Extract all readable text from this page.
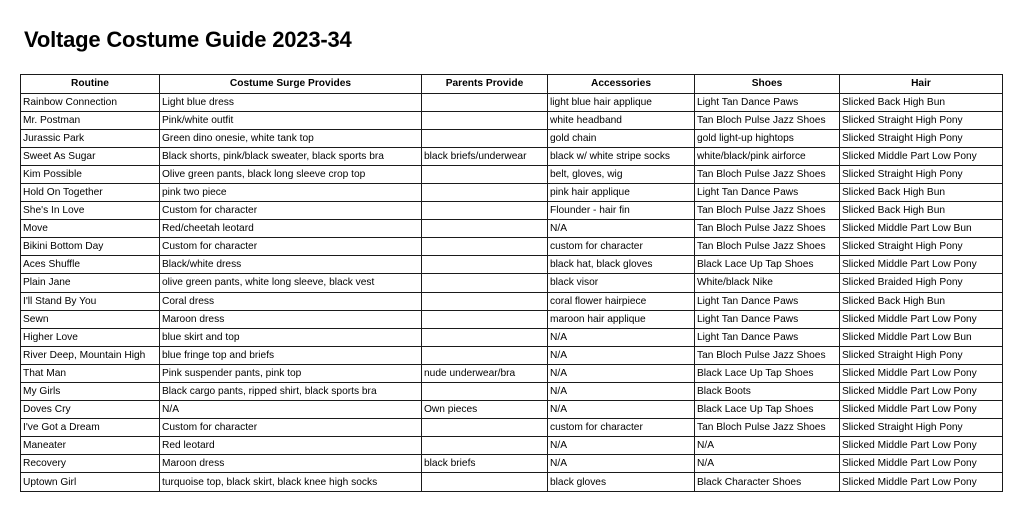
Voltage Costume Guide 2023-34
Routine	Costume Surge Provides	Parents Provide	Accessories	Shoes	Hair
Rainbow Connection	Light blue dress		light blue hair applique	Light Tan Dance Paws	Slicked Back High Bun
Mr. Postman	Pink/white outfit		white headband	Tan Bloch Pulse Jazz Shoes	Slicked Straight High Pony
Jurassic Park	Green dino onesie, white tank top		gold chain	gold light-up hightops	Slicked Straight High Pony
Sweet As Sugar	Black shorts, pink/black sweater, black sports bra	black briefs/underwear	black w/ white stripe socks	white/black/pink airforce	Slicked Middle Part Low Pony
Kim Possible	Olive green pants, black long sleeve crop top		belt, gloves, wig	Tan Bloch Pulse Jazz Shoes	Slicked Straight High Pony
Hold On Together	pink two piece		pink hair applique	Light Tan Dance Paws	Slicked Back High Bun
She's In Love	Custom for character		Flounder - hair fin	Tan Bloch Pulse Jazz Shoes	Slicked Back High Bun
Move	Red/cheetah leotard		N/A	Tan Bloch Pulse Jazz Shoes	Slicked Middle Part Low Bun
Bikini Bottom Day	Custom for character		custom for character	Tan Bloch Pulse Jazz Shoes	Slicked Straight High Pony
Aces Shuffle	Black/white dress		black hat, black gloves	Black Lace Up Tap Shoes	Slicked Middle Part Low Pony
Plain Jane	olive green pants, white long sleeve, black vest		black visor	White/black Nike	Slicked Braided High Pony
I'll Stand By You	Coral dress		coral flower hairpiece	Light Tan Dance Paws	Slicked Back High Bun
Sewn	Maroon dress		maroon hair applique	Light Tan Dance Paws	Slicked Middle Part Low Pony
Higher Love	blue skirt and top		N/A	Light Tan Dance Paws	Slicked Middle Part Low Bun
River Deep, Mountain High	blue fringe top and briefs		N/A	Tan Bloch Pulse Jazz Shoes	Slicked Straight High Pony
That Man	Pink suspender pants, pink top	nude underwear/bra	N/A	Black Lace Up Tap Shoes	Slicked Middle Part Low Pony
My Girls	Black cargo pants, ripped shirt, black sports bra		N/A	Black Boots	Slicked Middle Part Low Pony
Doves Cry	N/A	Own pieces	N/A	Black Lace Up Tap Shoes	Slicked Middle Part Low Pony
I've Got a Dream	Custom for character		custom for character	Tan Bloch Pulse Jazz Shoes	Slicked Straight High Pony
Maneater	Red leotard		N/A	N/A	Slicked Middle Part Low Pony
Recovery	Maroon dress	black briefs	N/A	N/A	Slicked Middle Part Low Pony
Uptown Girl	turquoise top, black skirt, black knee high socks		black gloves	Black Character Shoes	Slicked Middle Part Low Pony
